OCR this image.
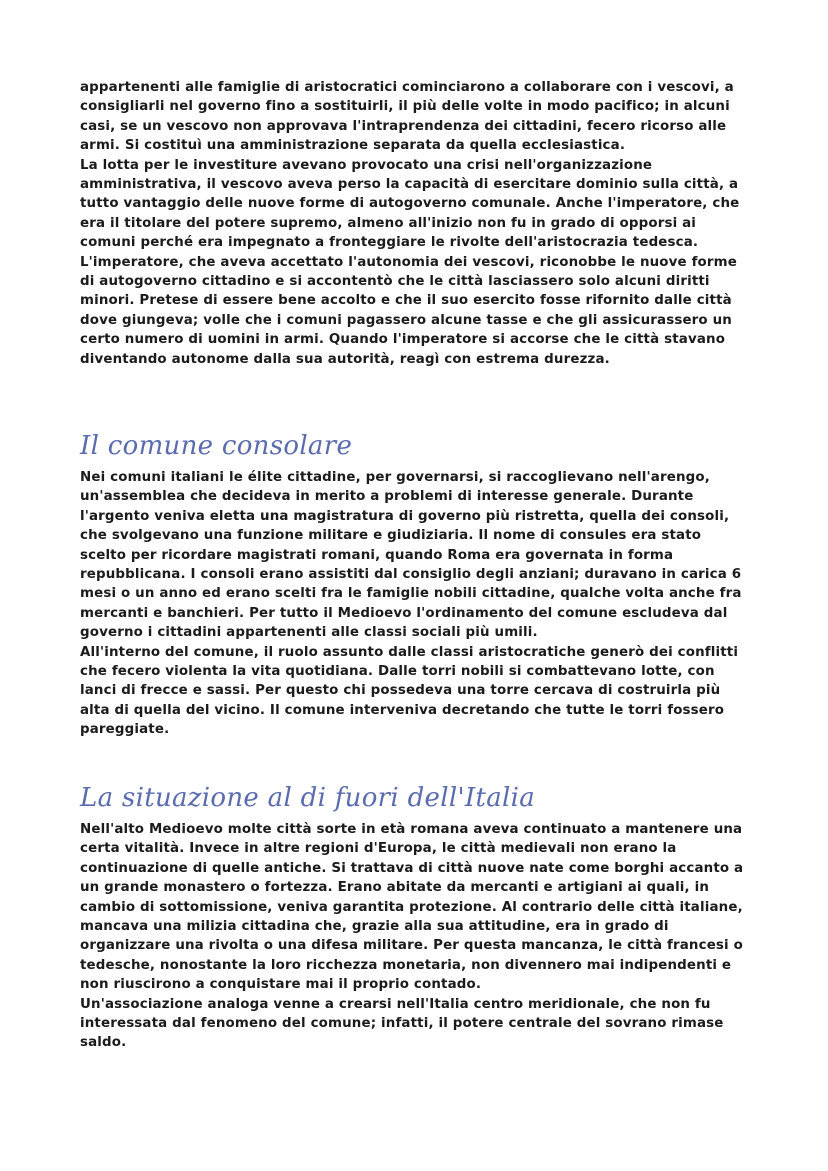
appartenenti alle famiglie di aristocratici cominciarono a collaborare con i vescovi, a consigliarli nel governo fino a sostituirli, il più delle volte in modo pacifico; in alcuni casi, se un vescovo non approvava l'intraprendenza dei cittadini, fecero ricorso alle armi. Si costituì una amministrazione separata da quella ecclesiastica.

La lotta per le investiture avevano provocato una crisi nell'organizzazione amministrativa, il vescovo aveva perso la capacità di esercitare dominio sulla città, a tutto vantaggio delle nuove forme di autogoverno comunale. Anche l'imperatore, che era il titolare del potere supremo, almeno all'inizio non fu in grado di opporsi ai comuni perché era impegnato a fronteggiare le rivolte dell'aristocrazia tedesca. L'imperatore, che aveva accettato l'autonomia dei vescovi, riconobbe le nuove forme di autogoverno cittadino e si accontentò che le città lasciassero solo alcuni diritti minori. Pretese di essere bene accolto e che il suo esercito fosse rifornito dalle città dove giungeva; volle che i comuni pagassero alcune tasse e che gli assicurassero un certo numero di uomini in armi. Quando l'imperatore si accorse che le città stavano diventando autonome dalla sua autorità, reagì con estrema durezza.

Il comune consolare

Nei comuni italiani le élite cittadine, per governarsi, si raccoglievano nell'arengo, un'assemblea che decideva in merito a problemi di interesse generale. Durante l'argento veniva eletta una magistratura di governo più ristretta, quella dei consoli, che svolgevano una funzione militare e giudiziaria. Il nome di consules era stato scelto per ricordare magistrati romani, quando Roma era governata in forma repubblicana. I consoli erano assistiti dal consiglio degli anziani; duravano in carica 6 mesi o un anno ed erano scelti fra le famiglie nobili cittadine, qualche volta anche fra mercanti e banchieri. Per tutto il Medioevo l'ordinamento del comune escludeva dal governo i cittadini appartenenti alle classi sociali più umili.

All'interno del comune, il ruolo assunto dalle classi aristocratiche generò dei conflitti che fecero violenta la vita quotidiana. Dalle torri nobili si combattevano lotte, con lanci di frecce e sassi. Per questo chi possedeva una torre cercava di costruirla più alta di quella del vicino. Il comune interveniva decretando che tutte le torri fossero pareggiate.

La situazione al di fuori dell'Italia

Nell'alto Medioevo molte città sorte in età romana aveva continuato a mantenere una certa vitalità. Invece in altre regioni d'Europa, le città medievali non erano la continuazione di quelle antiche. Si trattava di città nuove nate come borghi accanto a un grande monastero o fortezza. Erano abitate da mercanti e artigiani ai quali, in cambio di sottomissione, veniva garantita protezione. Al contrario delle città italiane, mancava una milizia cittadina che, grazie alla sua attitudine, era in grado di organizzare una rivolta o una difesa militare. Per questa mancanza, le città francesi o tedesche, nonostante la loro ricchezza monetaria, non divennero mai indipendenti e non riuscirono a conquistare mai il proprio contado.

Un'associazione analoga venne a crearsi nell'Italia centro meridionale, che non fu interessata dal fenomeno del comune; infatti, il potere centrale del sovrano rimase saldo.
